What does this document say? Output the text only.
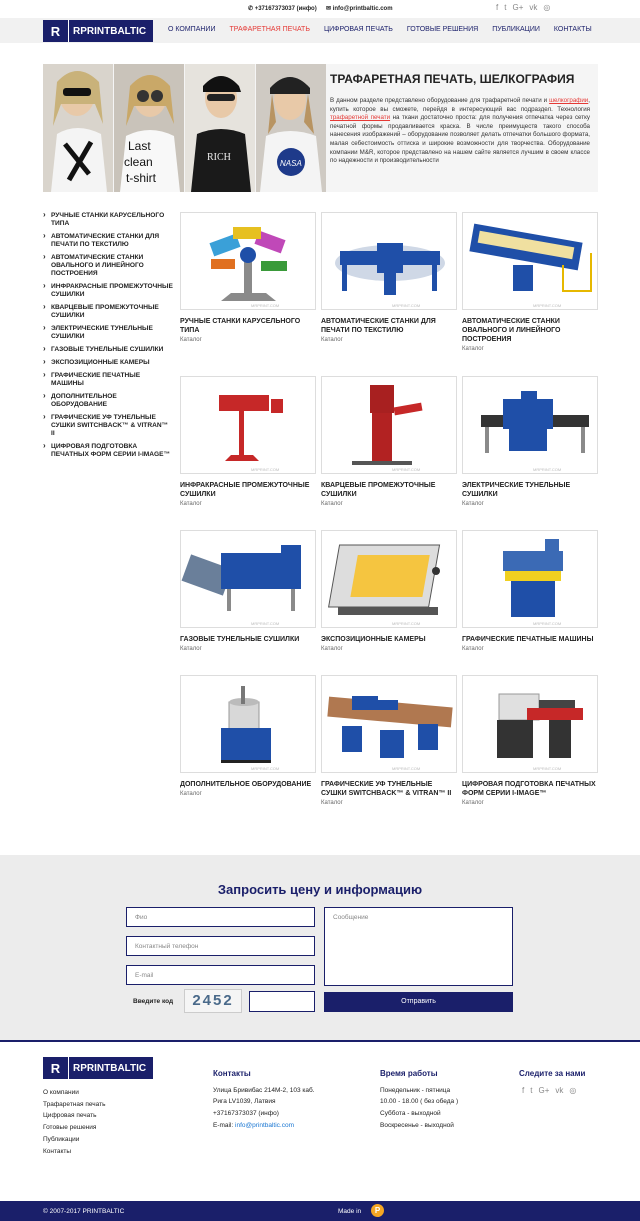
✆ +37167373037 (инфо) ✉ info@printbaltic.com	f t G+ vk ◎
R	RPRINTBALTIC	О КОМПАНИИ ТРАФАРЕТНАЯ ПЕЧАТЬ ЦИФРОВАЯ ПЕЧАТЬ ГОТОВЫЕ РЕШЕНИЯ ПУБЛИКАЦИИ КОНТАКТЫ
Last
clean
t-shirt
RICH
NASA
ТРАФАРЕТНАЯ ПЕЧАТЬ, ШЕЛКОГРАФИЯ

В данном разделе представлено оборудование для трафаретной печати и шелкографии, купить которое вы сможете, перейдя в интересующий вас подраздел. Технология трафаретной печати на ткани достаточно проста: для получения отпечатка через сетку печатной формы продавливается краска. В числе преимуществ такого способа нанесения изображений – оборудование позволяет делать отпечатки большого формата, малая себестоимость оттиска и широкие возможности для творчества. Оборудование компании M&R, которое представлено на нашем сайте является лучшим в своем классе по надежности и производительности

› РУЧНЫЕ СТАНКИ КАРУСЕЛЬНОГО ТИПА
› АВТОМАТИЧЕСКИЕ СТАНКИ ДЛЯ ПЕЧАТИ ПО ТЕКСТИЛЮ
› АВТОМАТИЧЕСКИЕ СТАНКИ ОВАЛЬНОГО И ЛИНЕЙНОГО ПОСТРОЕНИЯ
› ИНФРАКРАСНЫЕ ПРОМЕЖУТОЧНЫЕ СУШИЛКИ
› КВАРЦЕВЫЕ ПРОМЕЖУТОЧНЫЕ СУШИЛКИ
› ЭЛЕКТРИЧЕСКИЕ ТУНЕЛЬНЫЕ СУШИЛКИ
› ГАЗОВЫЕ ТУНЕЛЬНЫЕ СУШИЛКИ
› ЭКСПОЗИЦИОННЫЕ КАМЕРЫ
› ГРАФИЧЕСКИЕ ПЕЧАТНЫЕ МАШИНЫ
› ДОПОЛНИТЕЛЬНОЕ ОБОРУДОВАНИЕ
› ГРАФИЧЕСКИЕ УФ ТУНЕЛЬНЫЕ СУШКИ SWITCHBACK™ & VITRAN™ II
› ЦИФРОВАЯ ПОДГОТОВКА ПЕЧАТНЫХ ФОРМ СЕРИИ I-IMAGE™
MRPRINT.COM
РУЧНЫЕ СТАНКИ КАРУСЕЛЬНОГО ТИПА
Каталог
MRPRINT.COM
АВТОМАТИЧЕСКИЕ СТАНКИ ДЛЯ ПЕЧАТИ ПО ТЕКСТИЛЮ
Каталог
MRPRINT.COM
АВТОМАТИЧЕСКИЕ СТАНКИ ОВАЛЬНОГО И ЛИНЕЙНОГО ПОСТРОЕНИЯ
Каталог
MRPRINT.COM
ИНФРАКРАСНЫЕ ПРОМЕЖУТОЧНЫЕ СУШИЛКИ
Каталог
MRPRINT.COM
КВАРЦЕВЫЕ ПРОМЕЖУТОЧНЫЕ СУШИЛКИ
Каталог
MRPRINT.COM
ЭЛЕКТРИЧЕСКИЕ ТУНЕЛЬНЫЕ СУШИЛКИ
Каталог
MRPRINT.COM
ГАЗОВЫЕ ТУНЕЛЬНЫЕ СУШИЛКИ
Каталог
MRPRINT.COM
ЭКСПОЗИЦИОННЫЕ КАМЕРЫ
Каталог
MRPRINT.COM
ГРАФИЧЕСКИЕ ПЕЧАТНЫЕ МАШИНЫ
Каталог
MRPRINT.COM
ДОПОЛНИТЕЛЬНОЕ ОБОРУДОВАНИЕ
Каталог
MRPRINT.COM
ГРАФИЧЕСКИЕ УФ ТУНЕЛЬНЫЕ СУШКИ SWITCHBACK™ & VITRAN™ II
Каталог
MRPRINT.COM
ЦИФРОВАЯ ПОДГОТОВКА ПЕЧАТНЫХ ФОРМ СЕРИИ I-IMAGE™
Каталог
Запросить цену и информацию
Фио
Контактный телефон
E-mail
Сообщение
Введите код	2452	Отправить
R	RPRINTBALTIC
О компании
Трафаретная печать
Цифровая печать
Готовые решения
Публикации
Контакты
Контакты
Улица Бривибас 214М-2, 103 каб.
Рига LV1039, Латвия
+37167373037 (инфо)
E-mail: info@printbaltic.com
Время работы
Понедельник - пятница
10.00 - 18.00 ( без обеда )
Суббота - выходной
Воскресенье - выходной
Следите за нами
f t G+ vk ◎
© 2007-2017 PRINTBALTIC	Made in	P
